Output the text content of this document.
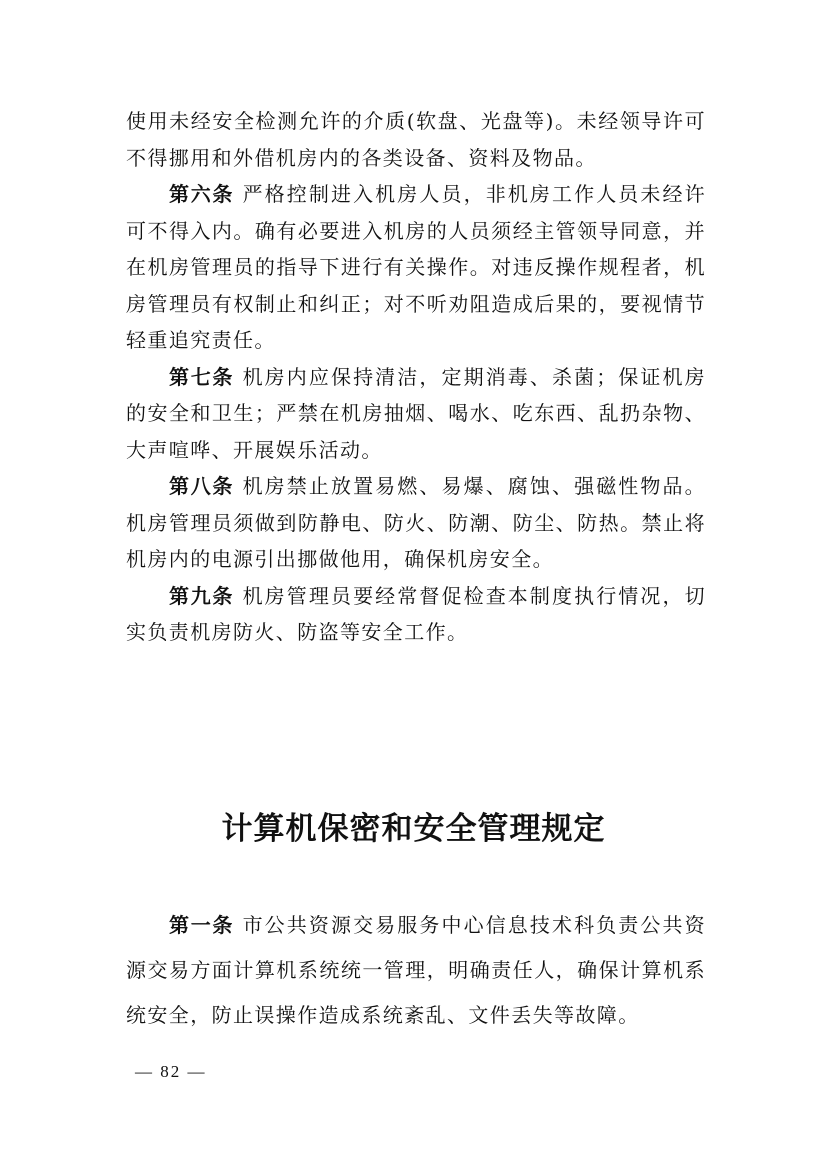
使用未经安全检测允许的介质(软盘、光盘等)。未经领导许可不得挪用和外借机房内的各类设备、资料及物品。

第六条 严格控制进入机房人员，非机房工作人员未经许可不得入内。确有必要进入机房的人员须经主管领导同意，并在机房管理员的指导下进行有关操作。对违反操作规程者，机房管理员有权制止和纠正；对不听劝阻造成后果的，要视情节轻重追究责任。

第七条 机房内应保持清洁，定期消毒、杀菌；保证机房的安全和卫生；严禁在机房抽烟、喝水、吃东西、乱扔杂物、大声喧哗、开展娱乐活动。

第八条 机房禁止放置易燃、易爆、腐蚀、强磁性物品。机房管理员须做到防静电、防火、防潮、防尘、防热。禁止将机房内的电源引出挪做他用，确保机房安全。

第九条 机房管理员要经常督促检查本制度执行情况，切实负责机房防火、防盗等安全工作。

计算机保密和安全管理规定

第一条 市公共资源交易服务中心信息技术科负责公共资源交易方面计算机系统统一管理，明确责任人，确保计算机系统安全，防止误操作造成系统紊乱、文件丢失等故障。

— 82 —
